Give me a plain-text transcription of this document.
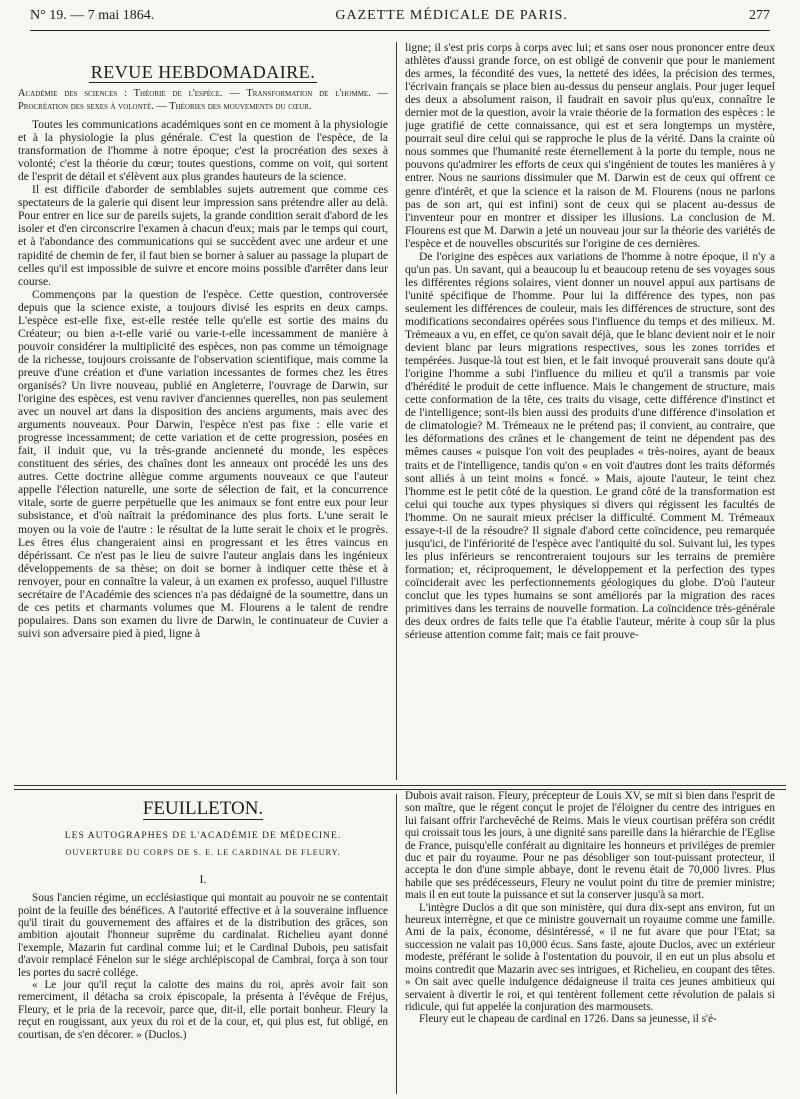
N° 19. — 7 mai 1864.	GAZETTE MÉDICALE DE PARIS.	277
REVUE HEBDOMADAIRE.
Académie des sciences : Théorie de l'espèce. — Transformation de l'homme. — Procréation des sexes à volonté. — Théories des mouvements du cœur.

Toutes les communications académiques sont en ce moment à la physiologie et à la physiologie la plus générale. C'est la question de l'espèce, de la transformation de l'homme à notre époque; c'est la procréation des sexes à volonté; c'est la théorie du cœur; toutes questions, comme on voit, qui sortent de l'esprit de détail et s'élèvent aux plus grandes hauteurs de la science.

Il est difficile d'aborder de semblables sujets autrement que comme ces spectateurs de la galerie qui disent leur impression sans prétendre aller au delà. Pour entrer en lice sur de pareils sujets, la grande condition serait d'abord de les isoler et d'en circonscrire l'examen à chacun d'eux; mais par le temps qui court, et à l'abondance des communications qui se succèdent avec une ardeur et une rapidité de chemin de fer, il faut bien se borner à saluer au passage la plupart de celles qu'il est impossible de suivre et encore moins possible d'arrêter dans leur course.

Commençons par la question de l'espèce. Cette question, controversée depuis que la science existe, a toujours divisé les esprits en deux camps. L'espèce est-elle fixe, est-elle restée telle qu'elle est sortie des mains du Créateur; ou bien a-t-elle varié ou varie-t-elle incessamment de manière à pouvoir considérer la multiplicité des espèces, non pas comme un témoignage de la richesse, toujours croissante de l'observation scientifique, mais comme la preuve d'une création et d'une variation incessantes de formes chez les êtres organisés? Un livre nouveau, publié en Angleterre, l'ouvrage de Darwin, sur l'origine des espèces, est venu raviver d'anciennes querelles, non pas seulement avec un nouvel art dans la disposition des anciens arguments, mais avec des arguments nouveaux. Pour Darwin, l'espèce n'est pas fixe : elle varie et progresse incessamment; de cette variation et de cette progression, posées en fait, il induit que, vu la très-grande ancienneté du monde, les espèces constituent des séries, des chaînes dont les anneaux ont procédé les uns des autres. Cette doctrine allègue comme arguments nouveaux ce que l'auteur appelle l'élection naturelle, une sorte de sélection de fait, et la concurrence vitale, sorte de guerre perpétuelle que les animaux se font entre eux pour leur subsistance, et d'où naîtrait la prédominance des plus forts. L'une serait le moyen ou la voie de l'autre : le résultat de la lutte serait le choix et le progrès. Les êtres élus changeraient ainsi en progressant et les êtres vaincus en dépérissant. Ce n'est pas le lieu de suivre l'auteur anglais dans les ingénieux développements de sa thèse; on doit se borner à indiquer cette thèse et à renvoyer, pour en connaître la valeur, à un examen ex professo, auquel l'illustre secrétaire de l'Académie des sciences n'a pas dédaigné de la soumettre, dans un de ces petits et charmants volumes que M. Flourens a le talent de rendre populaires. Dans son examen du livre de Darwin, le continuateur de Cuvier a suivi son adversaire pied à pied, ligne à

ligne; il s'est pris corps à corps avec lui; et sans oser nous prononcer entre deux athlètes d'aussi grande force, on est obligé de convenir que pour le maniement des armes, la fécondité des vues, la netteté des idées, la précision des termes, l'écrivain français se place bien au-dessus du penseur anglais. Pour juger lequel des deux a absolument raison, il faudrait en savoir plus qu'eux, connaître le dernier mot de la question, avoir la vraie théorie de la formation des espèces : le juge gratifié de cette connaissance, qui est et sera longtemps un mystère, pourrait seul dire celui qui se rapproche le plus de la vérité. Dans la crainte où nous sommes que l'humanité reste éternellement à la porte du temple, nous ne pouvons qu'admirer les efforts de ceux qui s'ingénient de toutes les manières à y entrer. Nous ne saurions dissimuler que M. Darwin est de ceux qui offrent ce genre d'intérêt, et que la science et la raison de M. Flourens (nous ne parlons pas de son art, qui est infini) sont de ceux qui se placent au-dessus de l'inventeur pour en montrer et dissiper les illusions. La conclusion de M. Flourens est que M. Darwin a jeté un nouveau jour sur la théorie des variétés de l'espèce et de nouvelles obscurités sur l'origine de ces dernières.

De l'origine des espèces aux variations de l'homme à notre époque, il n'y a qu'un pas. Un savant, qui a beaucoup lu et beaucoup retenu de ses voyages sous les différentes régions solaires, vient donner un nouvel appui aux partisans de l'unité spécifique de l'homme. Pour lui la différence des types, non pas seulement les différences de couleur, mais les différences de structure, sont des modifications secondaires opérées sous l'influence du temps et des milieux. M. Trémeaux a vu, en effet, ce qu'on savait déjà, que le blanc devient noir et le noir devient blanc par leurs migrations respectives, sous les zones torrides et tempérées. Jusque-là tout est bien, et le fait invoqué prouverait sans doute qu'à l'origine l'homme a subi l'influence du milieu et qu'il a transmis par voie d'hérédité le produit de cette influence. Mais le changement de structure, mais cette conformation de la tête, ces traits du visage, cette différence d'instinct et de l'intelligence; sont-ils bien aussi des produits d'une différence d'insolation et de climatologie? M. Trémeaux ne le prétend pas; il convient, au contraire, que les déformations des crânes et le changement de teint ne dépendent pas des mêmes causes « puisque l'on voit des peuplades « très-noires, ayant de beaux traits et de l'intelligence, tandis qu'on « en voit d'autres dont les traits déformés sont alliés à un teint moins « foncé. » Mais, ajoute l'auteur, le teint chez l'homme est le petit côté de la question. Le grand côté de la transformation est celui qui touche aux types physiques si divers qui régissent les facultés de l'homme. On ne saurait mieux préciser la difficulté. Comment M. Trémeaux essaye-t-il de la résoudre? Il signale d'abord cette coïncidence, peu remarquée jusqu'ici, de l'infériorité de l'espèce avec l'antiquité du sol. Suivant lui, les types les plus inférieurs se rencontreraient toujours sur les terrains de première formation; et, réciproquement, le développement et la perfection des types coïnciderait avec les perfectionnements géologiques du globe. D'où l'auteur conclut que les types humains se sont améliorés par la migration des races primitives dans les terrains de nouvelle formation. La coïncidence très-générale des deux ordres de faits telle que l'a établie l'auteur, mérite à coup sûr la plus sérieuse attention comme fait; mais ce fait prouve-

FEUILLETON.
LES AUTOGRAPHES DE L'ACADÉMIE DE MÉDECINE.
OUVERTURE DU CORPS DE S. E. LE CARDINAL DE FLEURY.
I.

Sous l'ancien régime, un ecclésiastique qui montait au pouvoir ne se contentait point de la feuille des bénéfices. A l'autorité effective et à la souveraine influence qu'il tirait du gouvernement des affaires et de la distribution des grâces, son ambition ajoutait l'honneur suprême du cardinalat. Richelieu ayant donné l'exemple, Mazarin fut cardinal comme lui; et le Cardinal Dubois, peu satisfait d'avoir remplacé Fénelon sur le siége archiépiscopal de Cambrai, força à son tour les portes du sacré collége.

« Le jour qu'il reçut la calotte des mains du roi, après avoir fait son remerciment, il détacha sa croix épiscopale, la présenta à l'évêque de Fréjus, Fleury, et le pria de la recevoir, parce que, dit-il, elle portait bonheur. Fleury la reçut en rougissant, aux yeux du roi et de la cour, et, qui plus est, fut obligé, en courtisan, de s'en décorer. » (Duclos.)

Dubois avait raison. Fleury, précepteur de Louis XV, se mit si bien dans l'esprit de son maître, que le régent conçut le projet de l'éloigner du centre des intrigues en lui faisant offrir l'archevêché de Reims. Mais le vieux courtisan préféra son crédit qui croissait tous les jours, à une dignité sans pareille dans la hiérarchie de l'Eglise de France, puisqu'elle conférait au dignitaire les honneurs et priviléges de premier duc et pair du royaume. Pour ne pas désobliger son tout-puissant protecteur, il accepta le don d'une simple abbaye, dont le revenu était de 70,000 livres. Plus habile que ses prédécesseurs, Fleury ne voulut point du titre de premier ministre; mais il en eut toute la puissance et sut la conserver jusqu'à sa mort.

L'intègre Duclos a dit que son ministère, qui dura dix-sept ans environ, fut un heureux interrègne, et que ce ministre gouvernait un royaume comme une famille. Ami de la paix, économe, désintéressé, « il ne fut avare que pour l'Etat; sa succession ne valait pas 10,000 écus. Sans faste, ajoute Duclos, avec un extérieur modeste, préférant le solide à l'ostentation du pouvoir, il en eut un plus absolu et moins contredit que Mazarin avec ses intrigues, et Richelieu, en coupant des têtes. » On sait avec quelle indulgence dédaigneuse il traita ces jeunes ambitieux qui servaient à divertir le roi, et qui tentèrent follement cette révolution de palais si ridicule, qui fut appelée la conjuration des marmousets.

Fleury eut le chapeau de cardinal en 1726. Dans sa jeunesse, il s'é-
